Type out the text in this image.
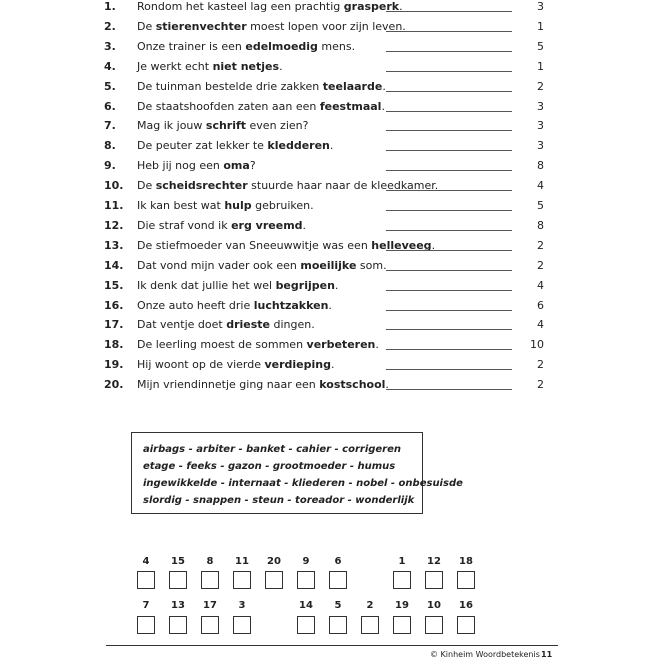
1.	Rondom het kasteel lag een prachtig grasperk.	3
2.	De stierenvechter moest lopen voor zijn leven.	1
3.	Onze trainer is een edelmoedig mens.	5
4.	Je werkt echt niet netjes.	1
5.	De tuinman bestelde drie zakken teelaarde.	2
6.	De staatshoofden zaten aan een feestmaal.	3
7.	Mag ik jouw schrift even zien?	3
8.	De peuter zat lekker te kledderen.	3
9.	Heb jij nog een oma?	8
10.	De scheidsrechter stuurde haar naar de kleedkamer.	4
11.	Ik kan best wat hulp gebruiken.	5
12.	Die straf vond ik erg vreemd.	8
13.	De stiefmoeder van Sneeuwwitje was een helleveeg.	2
14.	Dat vond mijn vader ook een moeilijke som.	2
15.	Ik denk dat jullie het wel begrijpen.	4
16.	Onze auto heeft drie luchtzakken.	6
17.	Dat ventje doet drieste dingen.	4
18.	De leerling moest de sommen verbeteren.	10
19.	Hij woont op de vierde verdieping.	2
20.	Mijn vriendinnetje ging naar een kostschool.	2
airbags - arbiter - banket - cahier - corrigeren
etage - feeks - gazon - grootmoeder - humus
ingewikkelde - internaat - kliederen - nobel - onbesuisde
slordig - snappen - steun - toreador - wonderlijk
4	15	8	11	20	9	6	1	12	18
7	13	17	3	14	5	2	19	10	16
© Kinheim Woordbetekenis 11
